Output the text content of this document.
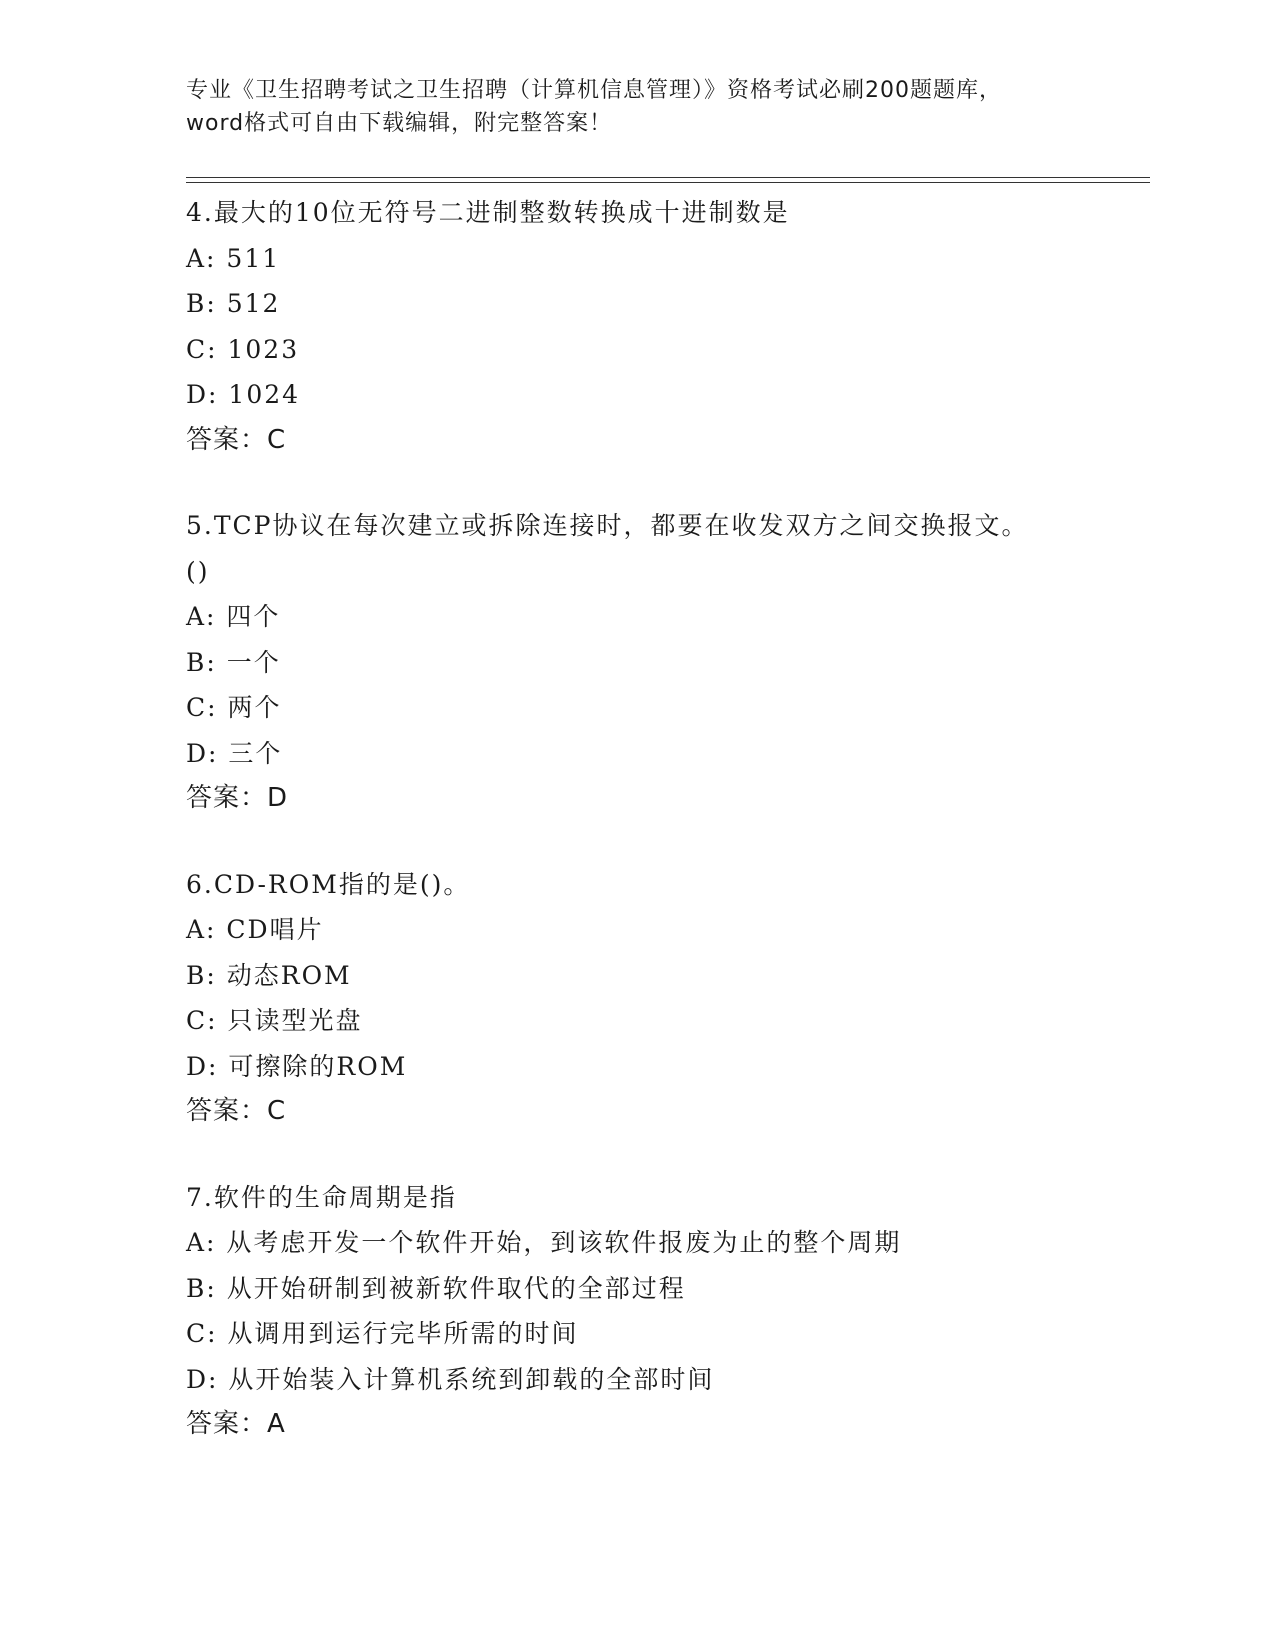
专业《卫生招聘考试之卫生招聘（计算机信息管理）》资格考试必刷200题题库，
word格式可自由下载编辑，附完整答案！
4.最大的10位无符号二进制整数转换成十进制数是
A: 511
B: 512
C: 1023
D: 1024
答案：C
5.TCP协议在每次建立或拆除连接时，都要在收发双方之间交换报文。
()
A: 四个
B: 一个
C: 两个
D: 三个
答案：D
6.CD-ROM指的是()。
A: CD唱片
B: 动态ROM
C: 只读型光盘
D: 可擦除的ROM
答案：C
7.软件的生命周期是指
A: 从考虑开发一个软件开始，到该软件报废为止的整个周期
B: 从开始研制到被新软件取代的全部过程
C: 从调用到运行完毕所需的时间
D: 从开始装入计算机系统到卸载的全部时间
答案：A
